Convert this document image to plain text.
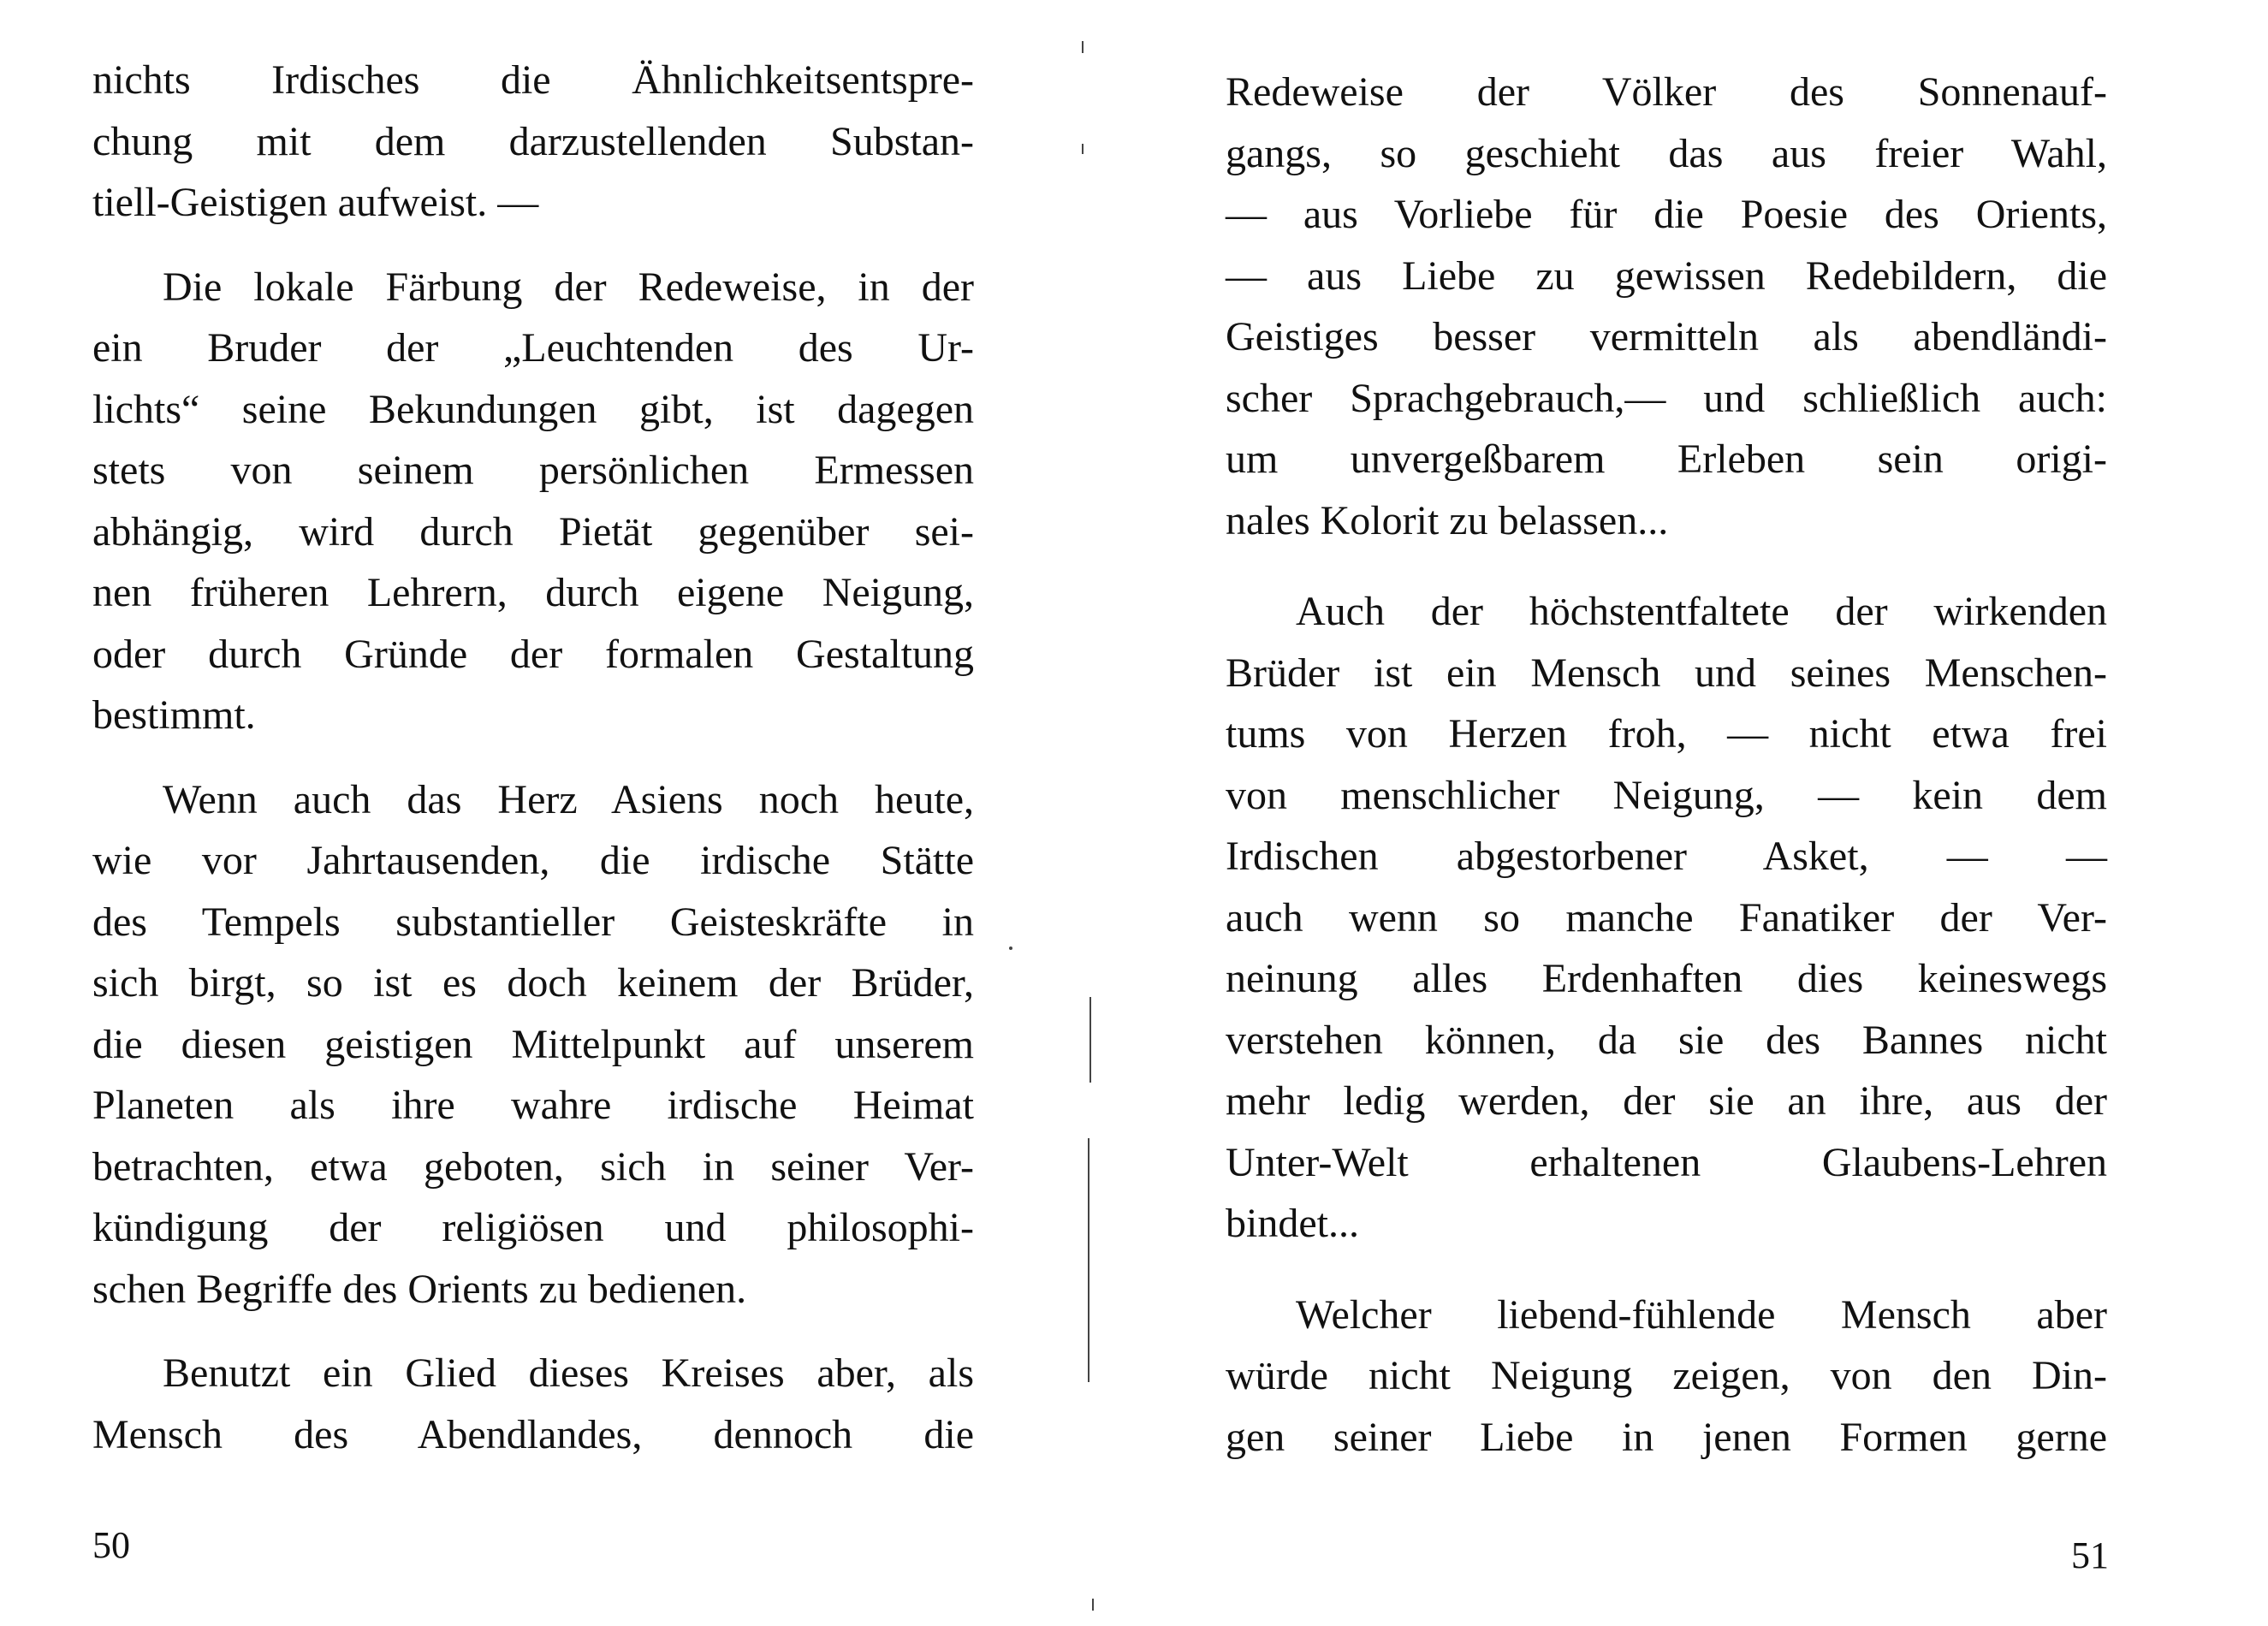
nichts Irdisches die Ähnlichkeitsentspre-
chung mit dem darzustellenden Substan-
tiell-Geistigen aufweist. —

Die lokale Färbung der Redeweise, in der
ein Bruder der „Leuchtenden des Ur-
lichts“ seine Bekundungen gibt, ist dagegen
stets von seinem persönlichen Ermessen
abhängig, wird durch Pietät gegenüber sei-
nen früheren Lehrern, durch eigene Neigung,
oder durch Gründe der formalen Gestaltung
bestimmt.

Wenn auch das Herz Asiens noch heute,
wie vor Jahrtausenden, die irdische Stätte
des Tempels substantieller Geisteskräfte in
sich birgt, so ist es doch keinem der Brüder,
die diesen geistigen Mittelpunkt auf unserem
Planeten als ihre wahre irdische Heimat
betrachten, etwa geboten, sich in seiner Ver-
kündigung der religiösen und philosophi-
schen Begriffe des Orients zu bedienen.

Benutzt ein Glied dieses Kreises aber, als
Mensch des Abendlandes, dennoch die

50

Redeweise der Völker des Sonnenauf-
gangs, so geschieht das aus freier Wahl,
— aus Vorliebe für die Poesie des Orients,
— aus Liebe zu gewissen Redebildern, die
Geistiges besser vermitteln als abendländi-
scher Sprachgebrauch,— und schließlich auch:
um unvergeßbarem Erleben sein origi-
nales Kolorit zu belassen...

Auch der höchstentfaltete der wirkenden
Brüder ist ein Mensch und seines Menschen-
tums von Herzen froh, — nicht etwa frei
von menschlicher Neigung, — kein dem
Irdischen abgestorbener Asket, — —
auch wenn so manche Fanatiker der Ver-
neinung alles Erdenhaften dies keineswegs
verstehen können, da sie des Bannes nicht
mehr ledig werden, der sie an ihre, aus der
Unter-Welt erhaltenen Glaubens-Lehren
bindet...

Welcher liebend-fühlende Mensch aber
würde nicht Neigung zeigen, von den Din-
gen seiner Liebe in jenen Formen gerne

51
